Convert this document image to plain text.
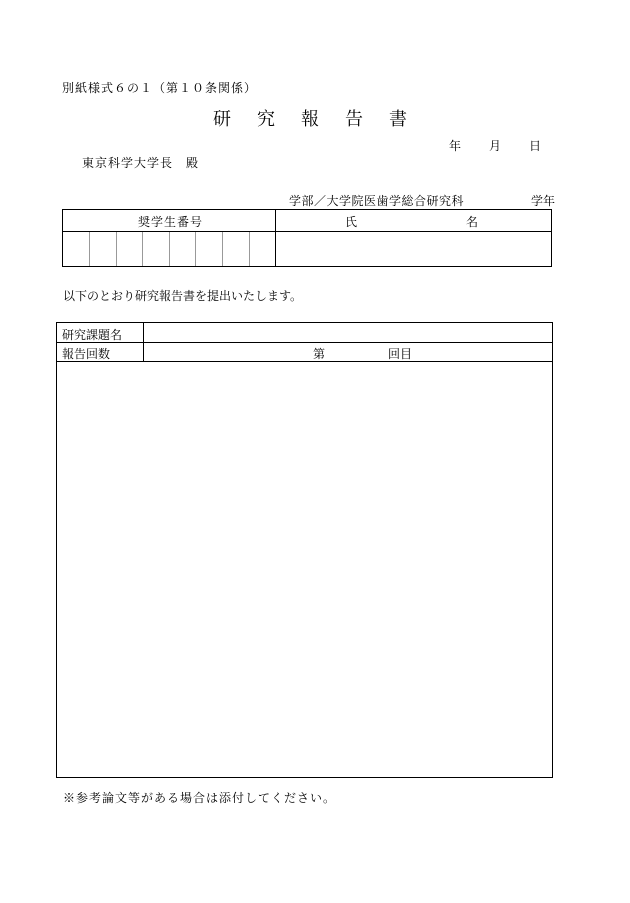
別紙様式６の１（第１０条関係）
研究報告書
年 月 日
東京科学大学長　殿
学部／大学院医歯学総合研究科	学年
奨学生番号	氏	名
以下のとおり研究報告書を提出いたします。
研究課題名
報告回数	第	回目
※参考論文等がある場合は添付してください。
